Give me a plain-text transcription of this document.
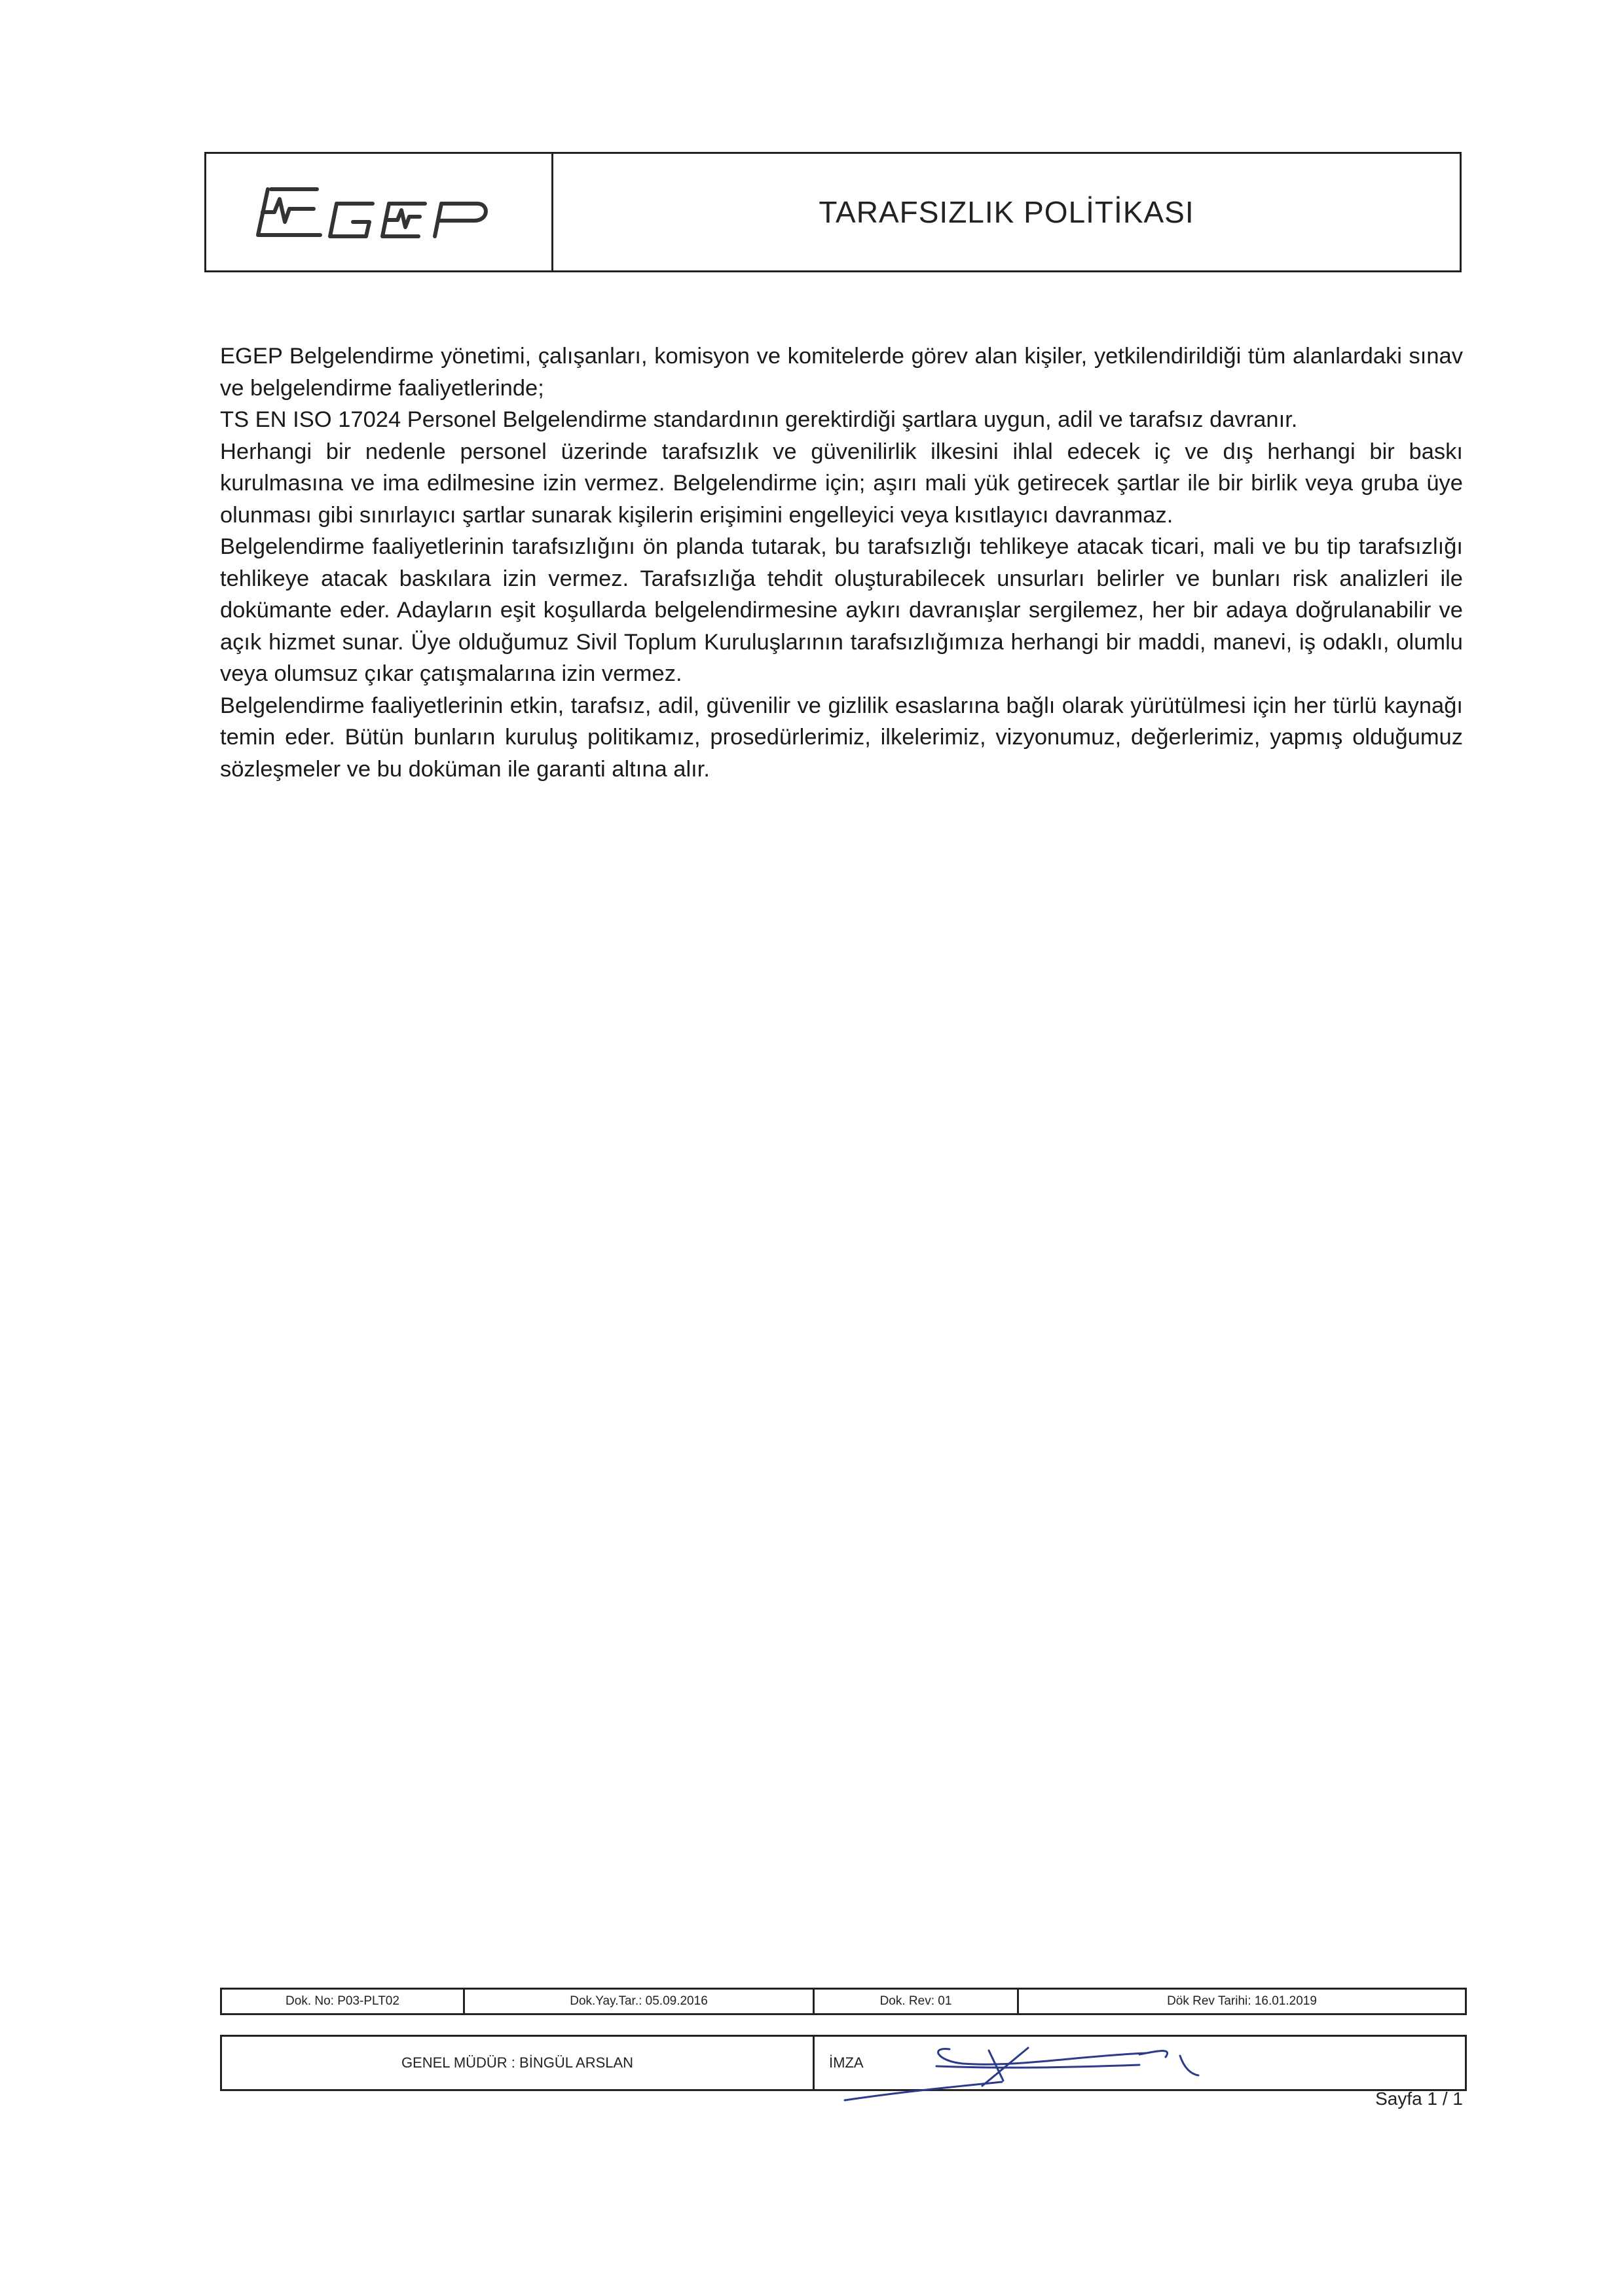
TARAFSIZLIK POLİTİKASI

EGEP Belgelendirme yönetimi, çalışanları, komisyon ve komitelerde görev alan kişiler, yetkilendirildiği tüm alanlardaki sınav ve belgelendirme faaliyetlerinde;

TS EN ISO 17024 Personel Belgelendirme standardının gerektirdiği şartlara uygun, adil ve tarafsız davranır.

Herhangi bir nedenle personel üzerinde tarafsızlık ve güvenilirlik ilkesini ihlal edecek iç ve dış herhangi bir baskı kurulmasına ve ima edilmesine izin vermez. Belgelendirme için; aşırı mali yük getirecek şartlar ile bir birlik veya gruba üye olunması gibi sınırlayıcı şartlar sunarak kişilerin erişimini engelleyici veya kısıtlayıcı davranmaz.

Belgelendirme faaliyetlerinin tarafsızlığını ön planda tutarak, bu tarafsızlığı tehlikeye atacak ticari, mali ve bu tip tarafsızlığı tehlikeye atacak baskılara izin vermez. Tarafsızlığa tehdit oluşturabilecek unsurları belirler ve bunları risk analizleri ile dokümante eder. Adayların eşit koşullarda belgelendirmesine aykırı davranışlar sergilemez, her bir adaya doğrulanabilir ve açık hizmet sunar. Üye olduğumuz Sivil Toplum Kuruluşlarının tarafsızlığımıza herhangi bir maddi, manevi, iş odaklı, olumlu veya olumsuz çıkar çatışmalarına izin vermez.

Belgelendirme faaliyetlerinin etkin, tarafsız, adil, güvenilir ve gizlilik esaslarına bağlı olarak yürütülmesi için her türlü kaynağı temin eder. Bütün bunların kuruluş politikamız, prosedürlerimiz, ilkelerimiz, vizyonumuz, değerlerimiz, yapmış olduğumuz sözleşmeler ve bu doküman ile garanti altına alır.

Dok. No: P03-PLT02	Dok.Yay.Tar.: 05.09.2016	Dok. Rev: 01	Dök Rev Tarihi: 16.01.2019
GENEL MÜDÜR : BİNGÜL ARSLAN	İMZA
Sayfa 1 / 1
